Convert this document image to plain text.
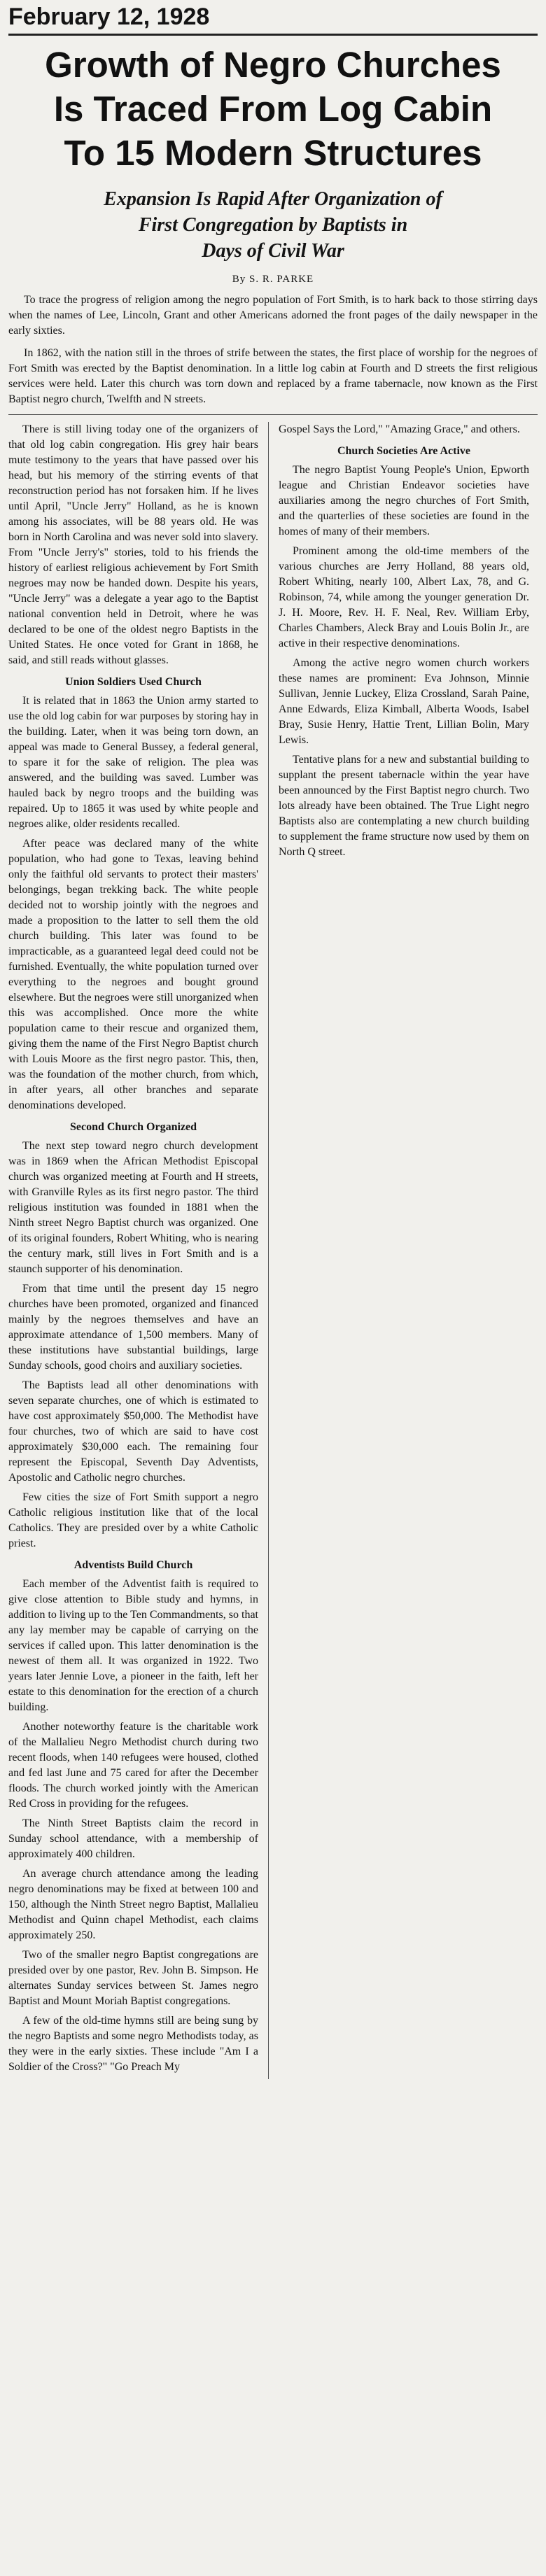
February 12, 1928
Growth of Negro Churches
Is Traced From Log Cabin
To 15 Modern Structures
Expansion Is Rapid After Organization of
First Congregation by Baptists in
Days of Civil War
By S. R. PARKE

To trace the progress of religion among the negro population of Fort Smith, is to hark back to those stirring days when the names of Lee, Lincoln, Grant and other Americans adorned the front pages of the daily newspaper in the early sixties.

In 1862, with the nation still in the throes of strife between the states, the first place of worship for the negroes of Fort Smith was erected by the Baptist denomination. In a little log cabin at Fourth and D streets the first religious services were held. Later this church was torn down and replaced by a frame tabernacle, now known as the First Baptist negro church, Twelfth and N streets.

There is still living today one of the organizers of that old log cabin congregation. His grey hair bears mute testimony to the years that have passed over his head, but his memory of the stirring events of that reconstruction period has not forsaken him. If he lives until April, "Uncle Jerry" Holland, as he is known among his associates, will be 88 years old. He was born in North Carolina and was never sold into slavery. From "Uncle Jerry's" stories, told to his friends the history of earliest religious achievement by Fort Smith negroes may now be handed down. Despite his years, "Uncle Jerry" was a delegate a year ago to the Baptist national convention held in Detroit, where he was declared to be one of the oldest negro Baptists in the United States. He once voted for Grant in 1868, he said, and still reads without glasses.

Union Soldiers Used Church

It is related that in 1863 the Union army started to use the old log cabin for war purposes by storing hay in the building. Later, when it was being torn down, an appeal was made to General Bussey, a federal general, to spare it for the sake of religion. The plea was answered, and the building was saved. Lumber was hauled back by negro troops and the building was repaired. Up to 1865 it was used by white people and negroes alike, older residents recalled.

After peace was declared many of the white population, who had gone to Texas, leaving behind only the faithful old servants to protect their masters' belongings, began trekking back. The white people decided not to worship jointly with the negroes and made a proposition to the latter to sell them the old church building. This later was found to be impracticable, as a guaranteed legal deed could not be furnished. Eventually, the white population turned over everything to the negroes and bought ground elsewhere. But the negroes were still unorganized when this was accomplished. Once more the white population came to their rescue and organized them, giving them the name of the First Negro Baptist church with Louis Moore as the first negro pastor. This, then, was the foundation of the mother church, from which, in after years, all other branches and separate denominations developed.

Second Church Organized

The next step toward negro church development was in 1869 when the African Methodist Episcopal church was organized meeting at Fourth and H streets, with Granville Ryles as its first negro pastor. The third religious institution was founded in 1881 when the Ninth street Negro Baptist church was organized. One of its original founders, Robert Whiting, who is nearing the century mark, still lives in Fort Smith and is a staunch supporter of his denomination.

From that time until the present day 15 negro churches have been promoted, organized and financed mainly by the negroes themselves and have an approximate attendance of 1,500 members. Many of these institutions have substantial buildings, large Sunday schools, good choirs and auxiliary societies.

The Baptists lead all other denominations with seven separate churches, one of which is estimated to have cost approximately $50,000. The Methodist have four churches, two of which are said to have cost approximately $30,000 each. The remaining four represent the Episcopal, Seventh Day Adventists, Apostolic and Catholic negro churches.

Few cities the size of Fort Smith support a negro Catholic religious institution like that of the local Catholics. They are presided over by a white Catholic priest.

Adventists Build Church

Each member of the Adventist faith is required to give close attention to Bible study and hymns, in addition to living up to the Ten Commandments, so that any lay member may be capable of carrying on the services if called upon. This latter denomination is the newest of them all. It was organized in 1922. Two years later Jennie Love, a pioneer in the faith, left her estate to this denomination for the erection of a church building.

Another noteworthy feature is the charitable work of the Mallalieu Negro Methodist church during two recent floods, when 140 refugees were housed, clothed and fed last June and 75 cared for after the December floods. The church worked jointly with the American Red Cross in providing for the refugees.

The Ninth Street Baptists claim the record in Sunday school attendance, with a membership of approximately 400 children.

An average church attendance among the leading negro denominations may be fixed at between 100 and 150, although the Ninth Street negro Baptist, Mallalieu Methodist and Quinn chapel Methodist, each claims approximately 250.

Two of the smaller negro Baptist congregations are presided over by one pastor, Rev. John B. Simpson. He alternates Sunday services between St. James negro Baptist and Mount Moriah Baptist congregations.

A few of the old-time hymns still are being sung by the negro Baptists and some negro Methodists today, as they were in the early sixties. These include "Am I a Soldier of the Cross?" "Go Preach My

Gospel Says the Lord," "Amazing Grace," and others.

Church Societies Are Active

The negro Baptist Young People's Union, Epworth league and Christian Endeavor societies have auxiliaries among the negro churches of Fort Smith, and the quarterlies of these societies are found in the homes of many of their members.

Prominent among the old-time members of the various churches are Jerry Holland, 88 years old, Robert Whiting, nearly 100, Albert Lax, 78, and G. Robinson, 74, while among the younger generation Dr. J. H. Moore, Rev. H. F. Neal, Rev. William Erby, Charles Chambers, Aleck Bray and Louis Bolin Jr., are active in their respective denominations.

Among the active negro women church workers these names are prominent: Eva Johnson, Minnie Sullivan, Jennie Luckey, Eliza Crossland, Sarah Paine, Anne Edwards, Eliza Kimball, Alberta Woods, Isabel Bray, Susie Henry, Hattie Trent, Lillian Bolin, Mary Lewis.

Tentative plans for a new and substantial building to supplant the present tabernacle within the year have been announced by the First Baptist negro church. Two lots already have been obtained. The True Light negro Baptists also are contemplating a new church building to supplement the frame structure now used by them on North Q street.
